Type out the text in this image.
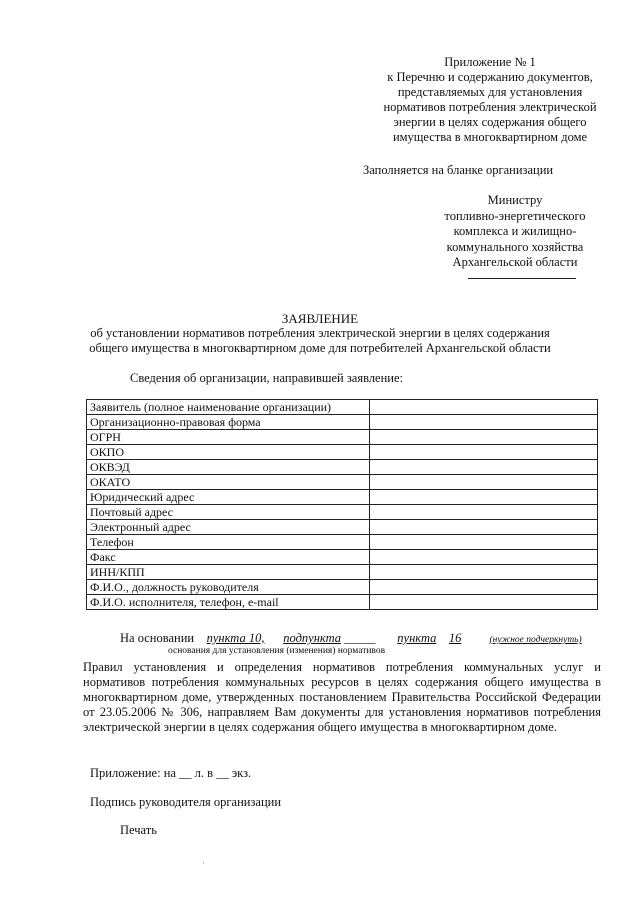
Приложение № 1
к Перечню и содержанию документов,
представляемых для установления
нормативов потребления электрической
энергии в целях содержания общего
имущества в многоквартирном доме
Заполняется на бланке организации
Министру
топливно-энергетического
комплекса и жилищно-
коммунального хозяйства
Архангельской области
ЗАЯВЛЕНИЕ
об установлении нормативов потребления электрической энергии в целях содержания
общего имущества в многоквартирном доме для потребителей Архангельской области
Сведения об организации, направившей заявление:
Заявитель (полное наименование организации)	
Организационно-правовая форма	
ОГРН	
ОКПО	
ОКВЭД	
ОКАТО	
Юридический адрес	
Почтовый адрес	
Электронный адрес	
Телефон	
Факс	
ИНН/КПП	
Ф.И.О., должность руководителя	
Ф.И.О. исполнителя, телефон, e-mail	
На основании пункта 10, подпункта _____ пункта 16	(нужное подчеркнуть)
основания для установления (изменения) нормативов
Правил установления и определения нормативов потребления коммунальных услуг и нормативов потребления коммунальных ресурсов в целях содержания общего имущества в многоквартирном доме, утвержденных постановлением Правительства Российской Федерации от 23.05.2006 № 306, направляем Вам документы для установления нормативов потребления электрической энергии в целях содержания общего имущества в многоквартирном доме.
Приложение: на __ л. в __ экз.
Подпись руководителя организации
Печать
